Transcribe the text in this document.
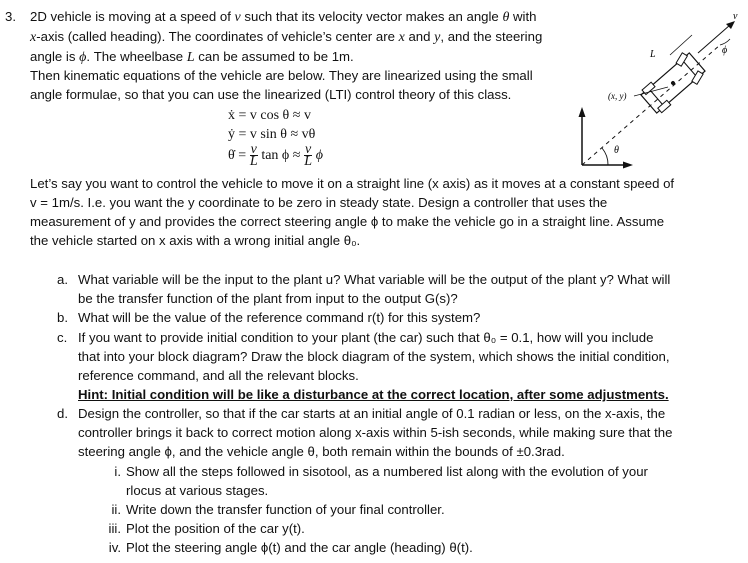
3. 2D vehicle is moving at a speed of v such that its velocity vector makes an angle θ with
x-axis (called heading). The coordinates of vehicle’s center are x and y, and the steering
angle is ϕ. The wheelbase L can be assumed to be 1m.
Then kinematic equations of the vehicle are below. They are linearized using the small
angle formulae, so that you can use the linearized (LTI) control theory of this class.
ẋ = v cos θ ≈ v
ẏ = v sin θ ≈ vθ
θ̇ = $\frac{v}{L}$ $\tan \phi \approx \frac{v}{L}$ ϕ
Let’s say you want to control the vehicle to move it on a straight line (x axis) as it moves at a constant speed of
v = 1m/s. I.e. you want the y coordinate to be zero in steady state. Design a controller that uses the
measurement of y and provides the correct steering angle ϕ to make the vehicle go in a straight line. Assume
the vehicle started on x axis with a wrong initial angle θ₀.
a. What variable will be the input to the plant u? What variable will be the output of the plant y? What will
be the transfer function of the plant from input to the output G(s)?
b. What will be the value of the reference command r(t) for this system?
c. If you want to provide initial condition to your plant (the car) such that θ₀ = 0.1, how will you include
that into your block diagram? Draw the block diagram of the system, which shows the initial condition,
reference command, and all the relevant blocks.
Hint: Initial condition will be like a disturbance at the correct location, after some adjustments.
d. Design the controller, so that if the car starts at an initial angle of 0.1 radian or less, on the x-axis, the
controller brings it back to correct motion along x-axis within 5-ish seconds, while making sure that the
steering angle ϕ, and the vehicle angle θ, both remain within the bounds of ±0.3rad.
i. Show all the steps followed in sisotool, as a numbered list along with the evolution of your
rlocus at various stages.
ii. Write down the transfer function of your final controller.
iii. Plot the position of the car y(t).
iv. Plot the steering angle ϕ(t) and the car angle (heading) θ(t).
θ
L
v
ϕ
(x, y)
